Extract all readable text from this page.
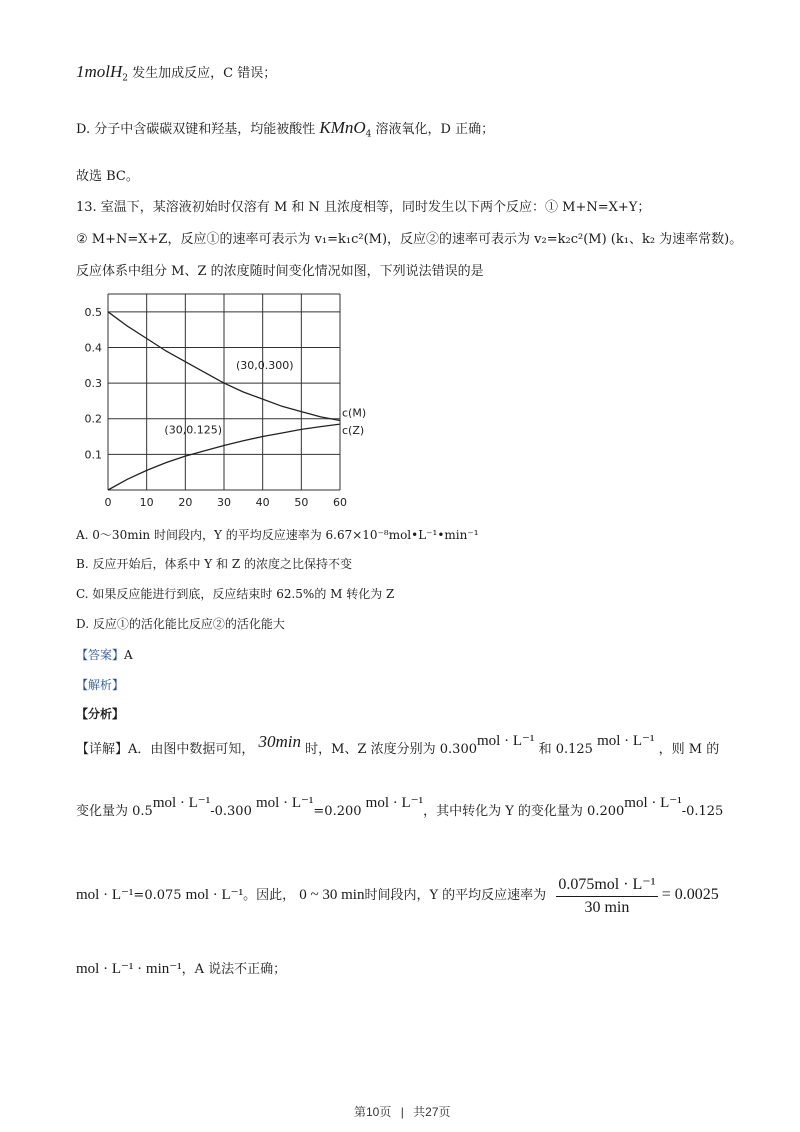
1molH$_2$ 发生加成反应，C 错误；
D. 分子中含碳碳双键和羟基，均能被酸性 KMnO$_4$ 溶液氧化，D 正确；
故选 BC。
13. 室温下，某溶液初始时仅溶有 M 和 N 且浓度相等，同时发生以下两个反应：① M+N=X+Y；
② M+N=X+Z，反应①的速率可表示为 v₁=k₁c²(M)，反应②的速率可表示为 v₂=k₂c²(M) (k₁、k₂ 为速率常数)。
反应体系中组分 M、Z 的浓度随时间变化情况如图，下列说法错误的是
0	10 20 30 40 50 60
0.1
0.2
0.3
0.4
0.5
c(M)
c(Z)
(30,0.300)
(30,0.125)
A. 0～30min 时间段内，Y 的平均反应速率为 6.67×10⁻⁸mol•L⁻¹•min⁻¹
B. 反应开始后，体系中 Y 和 Z 的浓度之比保持不变
C. 如果反应能进行到底，反应结束时 62.5%的 M 转化为 Z
D. 反应①的活化能比反应②的活化能大
【答案】A
【解析】
【分析】
【详解】A．由图中数据可知， 30min 时，M、Z 浓度分别为 0.300mol · L⁻¹ 和 0.125 mol · L⁻¹ ，则 M 的
变化量为 0.5mol · L⁻¹-0.300 mol · L⁻¹=0.200 mol · L⁻¹，其中转化为 Y 的变化量为 0.200mol · L⁻¹-0.125
mol · L⁻¹=0.075 mol · L⁻¹。因此， 0 ~ 30 min时间段内，Y 的平均反应速率为 $\frac{\text{0.075mol · L⁻¹}}{30 \min} = 0.0025$
mol · L⁻¹ · min⁻¹，A 说法不正确；
第10页 | 共27页
